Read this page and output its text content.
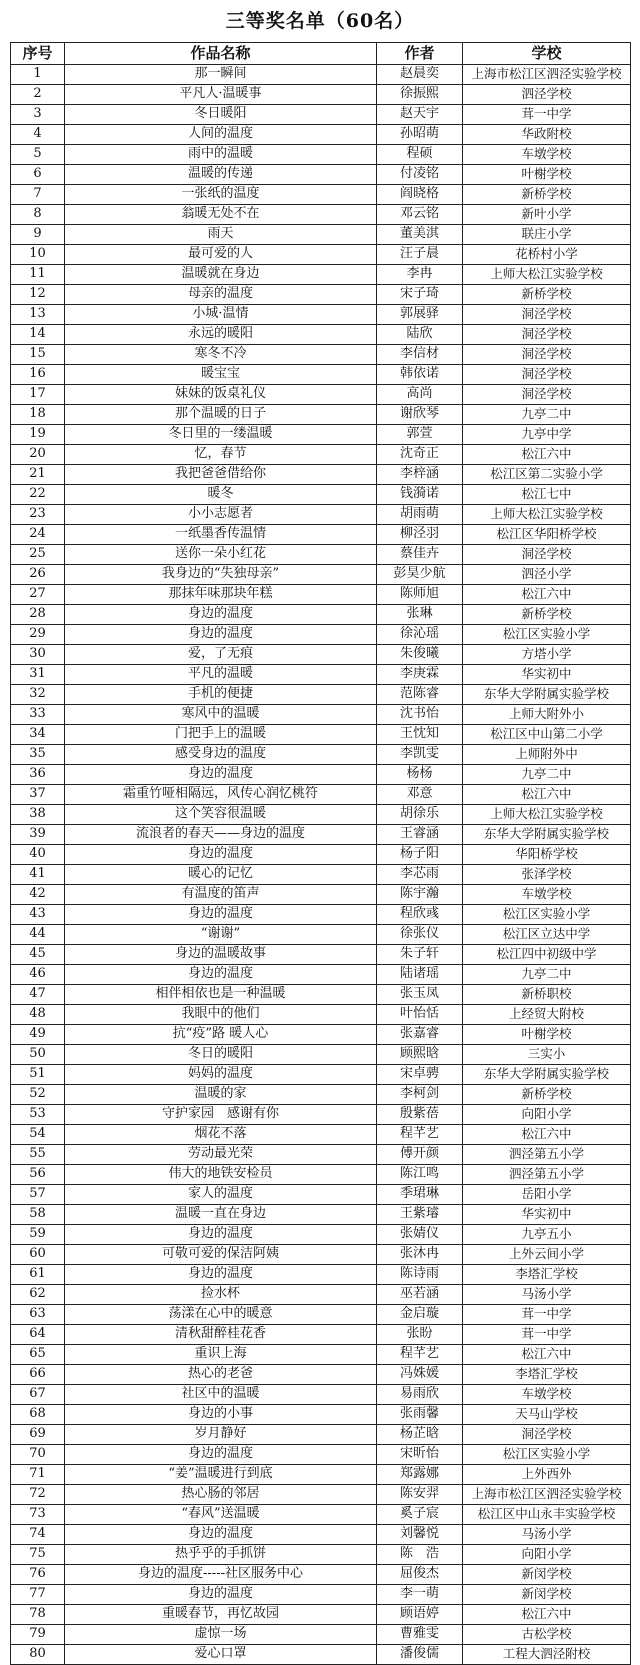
三等奖名单（60名）
序号	作品名称	作者	学校
1	那一瞬间	赵晨奕	上海市松江区泗泾实验学校
2	平凡人·温暖事	徐振熙	泗泾学校
3	冬日暖阳	赵天宇	茸一中学
4	人间的温度	孙昭萌	华政附校
5	雨中的温暖	程硕	车墩学校
6	温暖的传递	付凌铭	叶榭学校
7	一张纸的温度	阎晓格	新桥学校
8	翁暖无处不在	邓云铭	新叶小学
9	雨天	董美淇	联庄小学
10	最可爱的人	汪子晨	花桥村小学
11	温暖就在身边	李冉	上师大松江实验学校
12	母亲的温度	宋子琦	新桥学校
13	小城·温情	郭展驿	洞泾学校
14	永远的暖阳	陆欣	洞泾学校
15	寒冬不冷	李信材	洞泾学校
16	暖宝宝	韩依诺	洞泾学校
17	妹妹的饭桌礼仪	高尚	洞泾学校
18	那个温暖的日子	谢欣琴	九亭二中
19	冬日里的一缕温暖	郭萱	九亭中学
20	忆，春节	沈奇正	松江六中
21	我把爸爸借给你	李梓涵	松江区第二实验小学
22	暖冬	钱漪诺	松江七中
23	小小志愿者	胡雨萌	上师大松江实验学校
24	一纸墨香传温情	柳泾羽	松江区华阳桥学校
25	送你一朵小红花	蔡佳卉	洞泾学校
26	我身边的“失独母亲”	彭昊少航	泗泾小学
27	那抹年味那块年糕	陈师旭	松江六中
28	身边的温度	张琳	新桥学校
29	身边的温度	徐沁瑶	松江区实验小学
30	爱，了无痕	朱俊曦	方塔小学
31	平凡的温暖	李庚霖	华实初中
32	手机的便捷	范陈睿	东华大学附属实验学校
33	寒风中的温暖	沈书怡	上师大附外小
34	门把手上的温暖	王忱知	松江区中山第二小学
35	感受身边的温度	李凯雯	上师附外中
36	身边的温度	杨杨	九亭二中
37	霜重竹哑相隔远，风传心润忆桃符	邓意	松江六中
38	这个笑容很温暖	胡徐乐	上师大松江实验学校
39	流浪者的春天——身边的温度	王睿涵	东华大学附属实验学校
40	身边的温度	杨子阳	华阳桥学校
41	暖心的记忆	李芯雨	张泽学校
42	有温度的笛声	陈宇瀚	车墩学校
43	身边的温度	程欣彧	松江区实验小学
44	“谢谢”	徐张仪	松江区立达中学
45	身边的温暖故事	朱子轩	松江四中初级中学
46	身边的温度	陆诸瑶	九亭二中
47	相伴相依也是一种温暖	张玉凤	新桥职校
48	我眼中的他们	叶怡恬	上经贸大附校
49	抗“疫”路 暖人心	张嘉睿	叶榭学校
50	冬日的暖阳	顾熙晗	三实小
51	妈妈的温度	宋卓骋	东华大学附属实验学校
52	温暖的家	李柯剑	新桥学校
53	守护家园　感谢有你	殷紫蓓	向阳小学
54	烟花不落	程芊艺	松江六中
55	劳动最光荣	傅开颜	泗泾第五小学
56	伟大的地铁安检员	陈江鸣	泗泾第五小学
57	家人的温度	季珺琳	岳阳小学
58	温暖一直在身边	王紫璿	华实初中
59	身边的温度	张婧仪	九亭五小
60	可敬可爱的保洁阿姨	张沐冉	上外云间小学
61	身边的温度	陈诗雨	李塔汇学校
62	捡水杯	巫若涵	马汤小学
63	荡漾在心中的暖意	金启璇	茸一中学
64	清秋甜醉桂花香	张盼	茸一中学
65	重识上海	程芊艺	松江六中
66	热心的老爸	冯姝媛	李塔汇学校
67	社区中的温暖	易雨欣	车墩学校
68	身边的小事	张雨馨	天马山学校
69	岁月静好	杨芷晗	洞泾学校
70	身边的温度	宋昕怡	松江区实验小学
71	“姜”温暖进行到底	郑露娜	上外西外
72	热心肠的邻居	陈安羿	上海市松江区泗泾实验学校
73	“春风”送温暖	奚子宸	松江区中山永丰实验学校
74	身边的温度	刘馨悦	马汤小学
75	热乎乎的手抓饼	陈　浩	向阳小学
76	身边的温度-----社区服务中心	屈俊杰	新闵学校
77	身边的温度	李一萌	新闵学校
78	重暖春节，再忆故园	顾语婷	松江六中
79	虚惊一场	曹雅雯	古松学校
80	爱心口罩	潘俊儒	工程大泗泾附校
